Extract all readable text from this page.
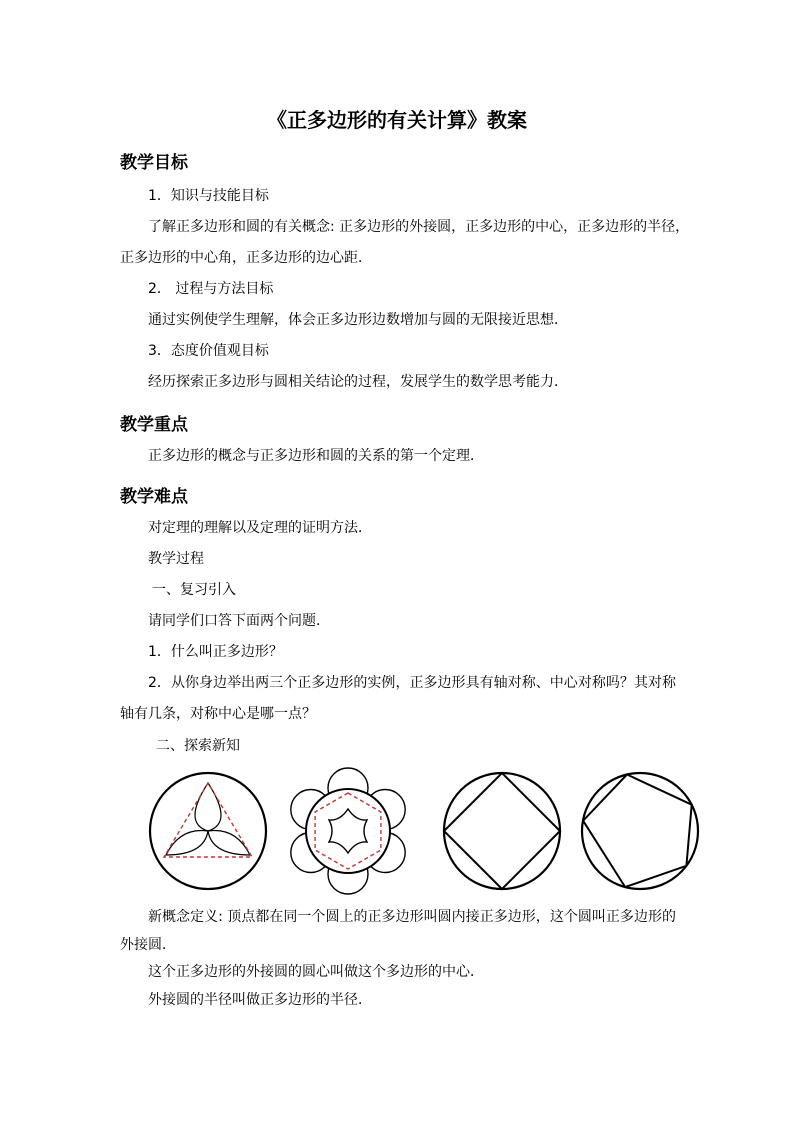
《正多边形的有关计算》教案
教学目标
1．知识与技能目标
了解正多边形和圆的有关概念: 正多边形的外接圆，正多边形的中心，正多边形的半径，
正多边形的中心角，正多边形的边心距．
2． 过程与方法目标
通过实例使学生理解，体会正多边形边数增加与圆的无限接近思想．
3．态度价值观目标
经历探索正多边形与圆相关结论的过程，发展学生的数学思考能力．
教学重点
正多边形的概念与正多边形和圆的关系的第一个定理．
教学难点
对定理的理解以及定理的证明方法．
教学过程
一、复习引入
请同学们口答下面两个问题．
1．什么叫正多边形？
2．从你身边举出两三个正多边形的实例，正多边形具有轴对称、中心对称吗？其对称
轴有几条，对称中心是哪一点？
二、探索新知
新概念定义: 顶点都在同一个圆上的正多边形叫圆内接正多边形，这个圆叫正多边形的
外接圆．
这个正多边形的外接圆的圆心叫做这个多边形的中心．
外接圆的半径叫做正多边形的半径．
